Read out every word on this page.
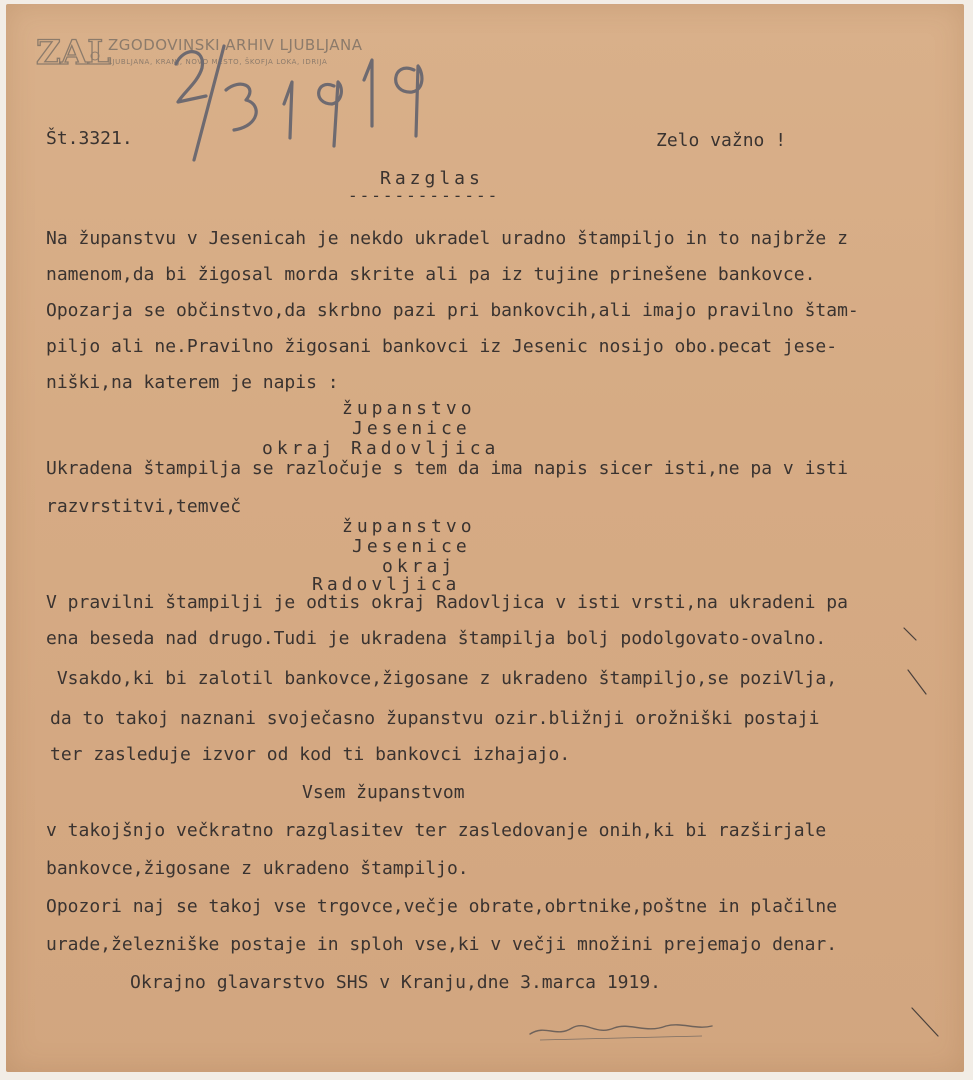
ZAL
ZGODOVINSKI ARHIV LJUBLJANA
LJUBLJANA, KRANJ, NOVO MESTO, ŠKOFJA LOKA, IDRIJA
Št.3321.	Zelo važno !
Razglas
-------------
Na županstvu v Jesenicah je nekdo ukradel uradno štampiljo in to najbrže z
namenom,da bi žigosal morda skrite ali pa iz tujine prinešene bankovce.
Opozarja se občinstvo,da skrbno pazi pri bankovcih,ali imajo pravilno štam-
piljo ali ne.Pravilno žigosani bankovci iz Jesenic nosijo obo.pecat jese-
niški,na katerem je napis :
županstvo
Jesenice
okraj Radovljica
Ukradena štampilja se razločuje s tem da ima napis sicer isti,ne pa v isti
razvrstitvi,temveč
županstvo
Jesenice
okraj
Radovljica
V pravilni štampilji je odtis okraj Radovljica v isti vrsti,na ukradeni pa
ena beseda nad drugo.Tudi je ukradena štampilja bolj podolgovato-ovalno.
Vsakdo,ki bi zalotil bankovce,žigosane z ukradeno štampiljo,se poziVlja,
da to takoj naznani svoječasno županstvu ozir.bližnji orožniški postaji
ter zasleduje izvor od kod ti bankovci izhajajo.
Vsem županstvom
v takojšnjo večkratno razglasitev ter zasledovanje onih,ki bi razširjale
bankovce,žigosane z ukradeno štampiljo.
Opozori naj se takoj vse trgovce,večje obrate,obrtnike,poštne in plačilne
urade,železniške postaje in sploh vse,ki v večji množini prejemajo denar.
Okrajno glavarstvo SHS v Kranju,dne 3.marca 1919.
